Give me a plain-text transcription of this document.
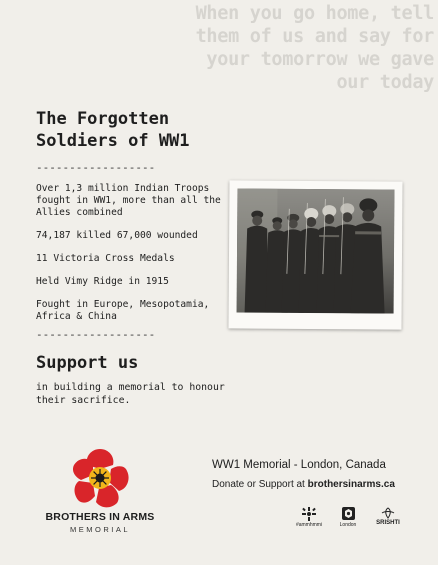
When you go home, tell
them of us and say for
your tomorrow we gave
our today
The Forgotten
Soldiers of WW1
------------------

Over 1,3 million Indian Troops fought in WW1, more than all the Allies combined

74,187 killed 67,000 wounded

11 Victoria Cross Medals

Held Vimy Ridge in 1915

Fought in Europe, Mesopotamia, Africa & China

------------------
Support us
in building a memorial to honour their sacrifice.
BROTHERS IN ARMS
MEMORIAL
WW1 Memorial - London, Canada
Donate or Support at brothersinarms.ca
#ammhmmi	London	SRISHTI
